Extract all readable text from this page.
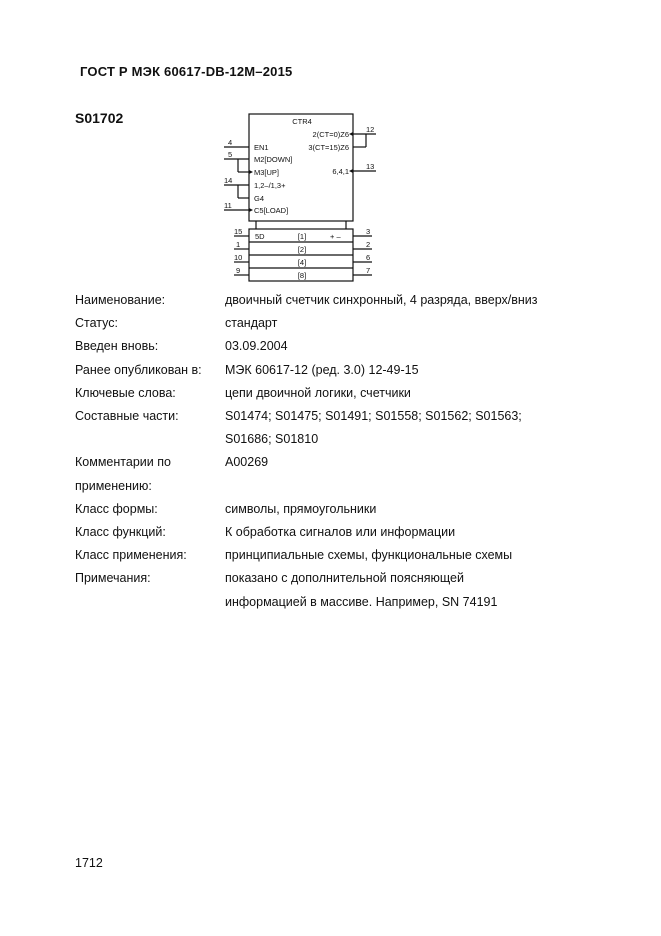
ГОСТ Р МЭК 60617-DB-12М–2015
S01702	CTR4
EN1
M2[DOWN]
M3[UP]
1,2–/1,3+
G4
C5[LOAD]
4
5
14
11
2(CT=0)Z6
3(CT=15)Z6
6,4,1
12
13
5D	[1]
[2]
[4]
[8]
+ –
15
1
10
9
3
2
6
7
Наименование:	двоичный счетчик синхронный, 4 разряда, вверх/вниз
Статус:	стандарт
Введен вновь:	03.09.2004
Ранее опубликован в:	МЭК 60617-12 (ред. 3.0) 12-49-15
Ключевые слова:	цепи двоичной логики, счетчики
Составные части:	S01474; S01475; S01491; S01558; S01562; S01563;
S01686; S01810
Комментарии по применению:
A00269
Класс формы:	символы, прямоугольники
Класс функций:	К обработка сигналов или информации
Класс применения:	принципиальные схемы, функциональные схемы
Примечания:	показано с дополнительной поясняющей
информацией в массиве. Например, SN 74191
1712
